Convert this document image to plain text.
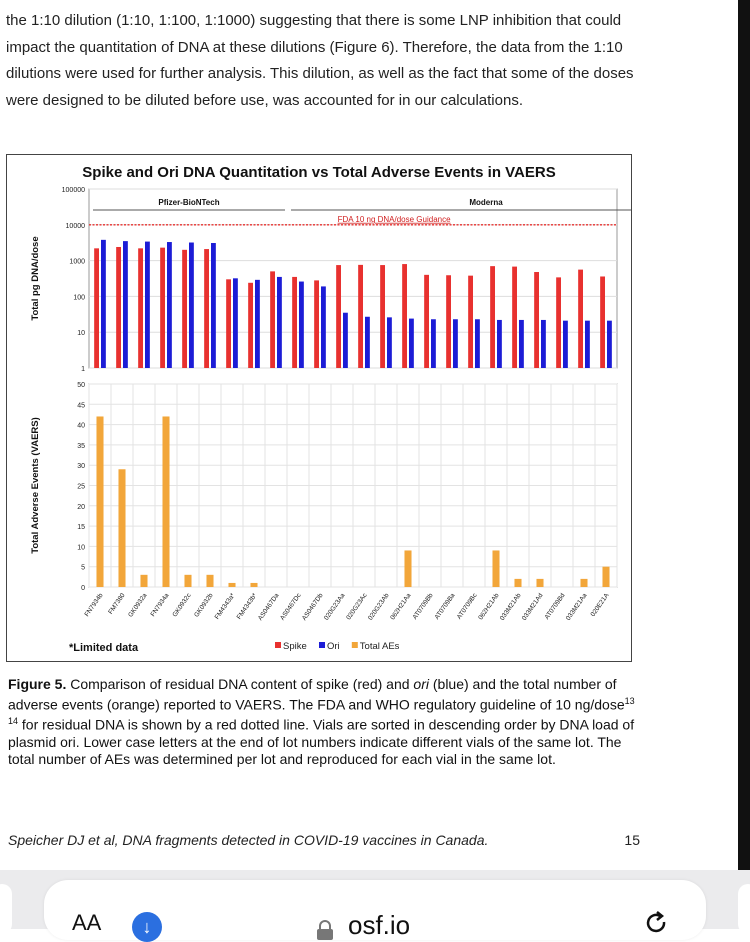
the 1:10 dilution (1:10, 1:100, 1:1000) suggesting that there is some LNP inhibition that could impact the quantitation of DNA at these dilutions (Figure 6). Therefore, the data from the 1:10 dilutions were used for further analysis. This dilution, as well as the fact that some of the doses were designed to be diluted before use, was accounted for in our calculations.
Spike and Ori DNA Quantitation vs Total Adverse Events in VAERS
1
10
100
1000
10000
100000
0
5
10
15
20
25
30
35
40
45
50
Total pg DNA/dose
Total Adverse Events (VAERS)
Pfizer-BioNTech	Moderna
FDA 10 ng DNA/dose Guidance
FN7934b FM7380 GK0932a FN7934a GK0932c GK0932b FM4343a* FM4343b*
AS0467Da
AS0467Dc
AS0467Db
020G23Aa
020G23Ac
020G23Ab
062H21Aa
AT0709Bb
AT0709Ba AT0709Bc
062H21Ab
033M21Ab
033M21Ad
AT0709Bd
033M21Aa 020E21A
*Limited data	Spike Ori Total AEs
Figure 5. Comparison of residual DNA content of spike (red) and ori (blue) and the total number of adverse events (orange) reported to VAERS. The FDA and WHO regulatory guideline of 10 ng/dose$^{13 14}$ for residual DNA is shown by a red dotted line. Vials are sorted in descending order by DNA load of plasmid ori. Lower case letters at the end of lot numbers indicate different vials of the same lot. The total number of AEs was determined per lot and reproduced for each vial in the same lot.
Speicher DJ et al, DNA fragments detected in COVID-19 vaccines in Canada.	15
AA	↓	osf.io
